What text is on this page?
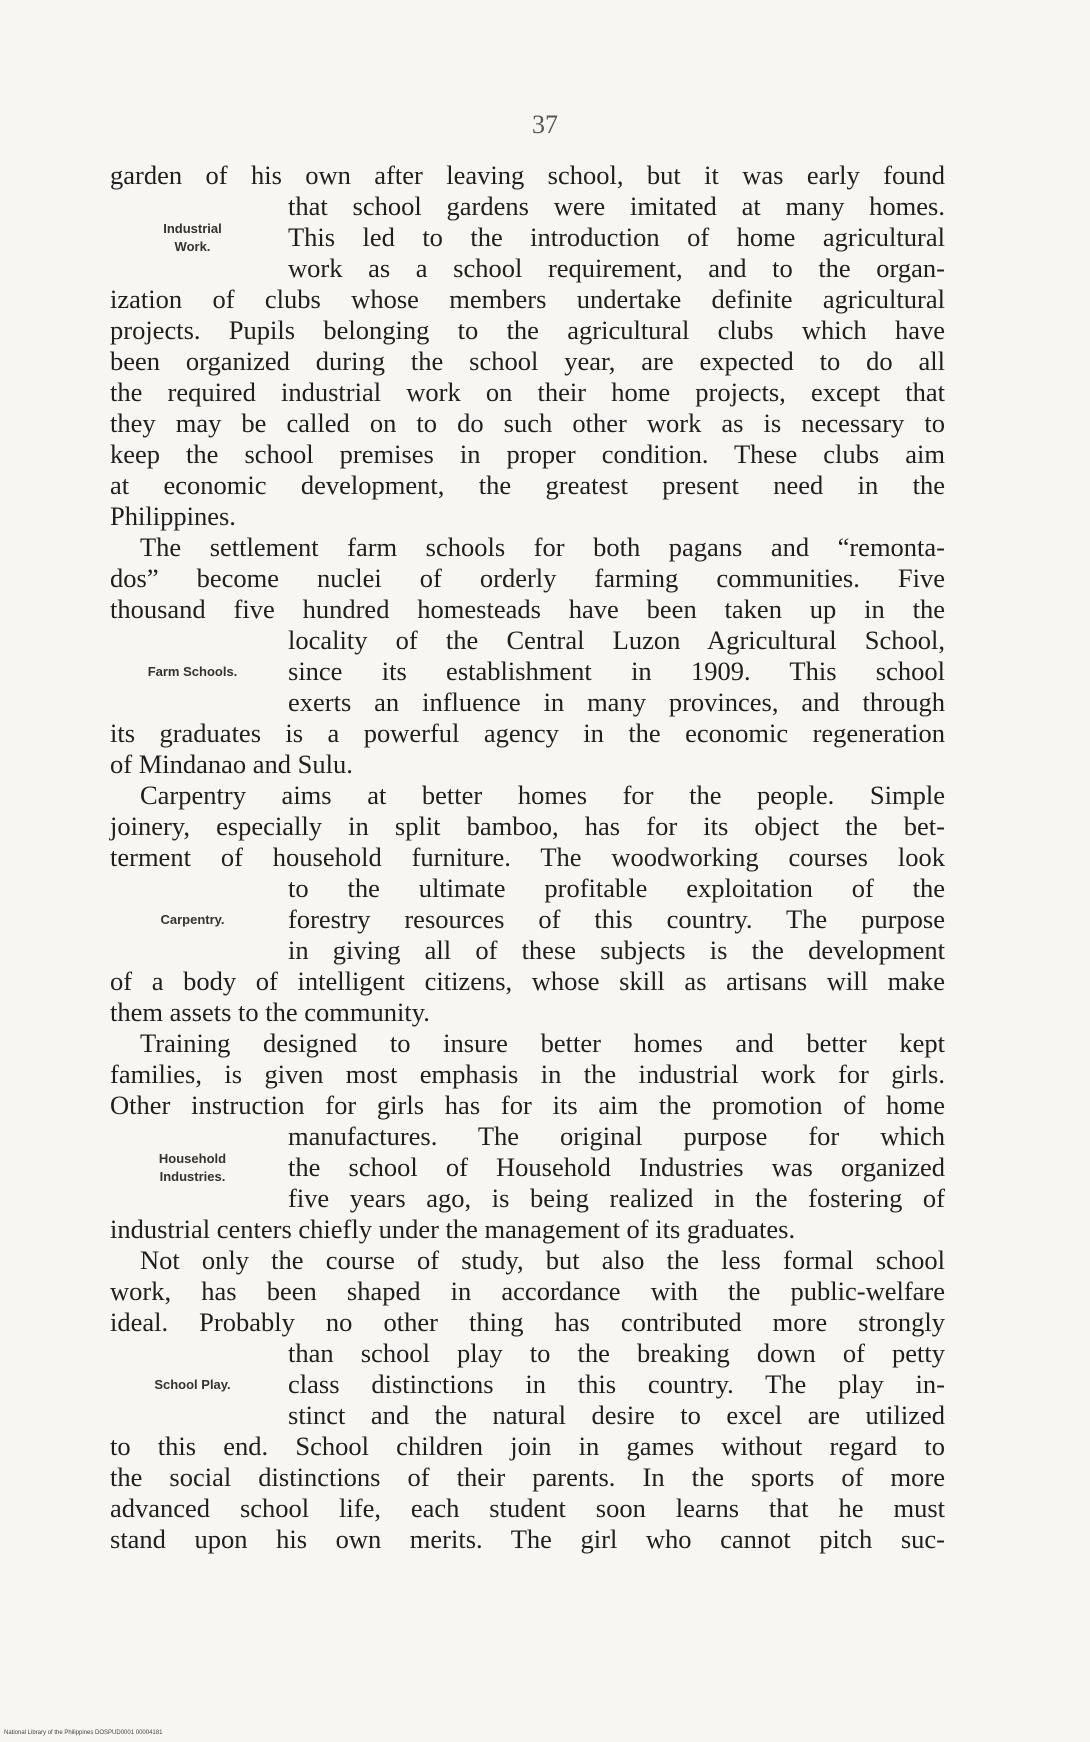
37
garden of his own after leaving school, but it was early found
that school gardens were imitated at many homes.
This led to the introduction of home agricultural
work as a school requirement, and to the organ-
ization of clubs whose members undertake definite agricultural
projects. Pupils belonging to the agricultural clubs which have
been organized during the school year, are expected to do all
the required industrial work on their home projects, except that
they may be called on to do such other work as is necessary to
keep the school premises in proper condition. These clubs aim
at economic development, the greatest present need in the
Philippines.
Industrial
Work.
The settlement farm schools for both pagans and “remonta-
dos” become nuclei of orderly farming communities. Five
thousand five hundred homesteads have been taken up in the
locality of the Central Luzon Agricultural School,
since its establishment in 1909. This school
exerts an influence in many provinces, and through
its graduates is a powerful agency in the economic regeneration
of Mindanao and Sulu.
Farm Schools.
Carpentry aims at better homes for the people. Simple
joinery, especially in split bamboo, has for its object the bet-
terment of household furniture. The woodworking courses look
to the ultimate profitable exploitation of the
forestry resources of this country. The purpose
in giving all of these subjects is the development
of a body of intelligent citizens, whose skill as artisans will make
them assets to the community.
Carpentry.
Training designed to insure better homes and better kept
families, is given most emphasis in the industrial work for girls.
Other instruction for girls has for its aim the promotion of home
manufactures. The original purpose for which
the school of Household Industries was organized
five years ago, is being realized in the fostering of
industrial centers chiefly under the management of its graduates.
Household
Industries.
Not only the course of study, but also the less formal school
work, has been shaped in accordance with the public-welfare
ideal. Probably no other thing has contributed more strongly
than school play to the breaking down of petty
class distinctions in this country. The play in-
stinct and the natural desire to excel are utilized
to this end. School children join in games without regard to
the social distinctions of their parents. In the sports of more
advanced school life, each student soon learns that he must
stand upon his own merits. The girl who cannot pitch suc-
School Play.
National Library of the Philippines DOSPUD0001 00004181
